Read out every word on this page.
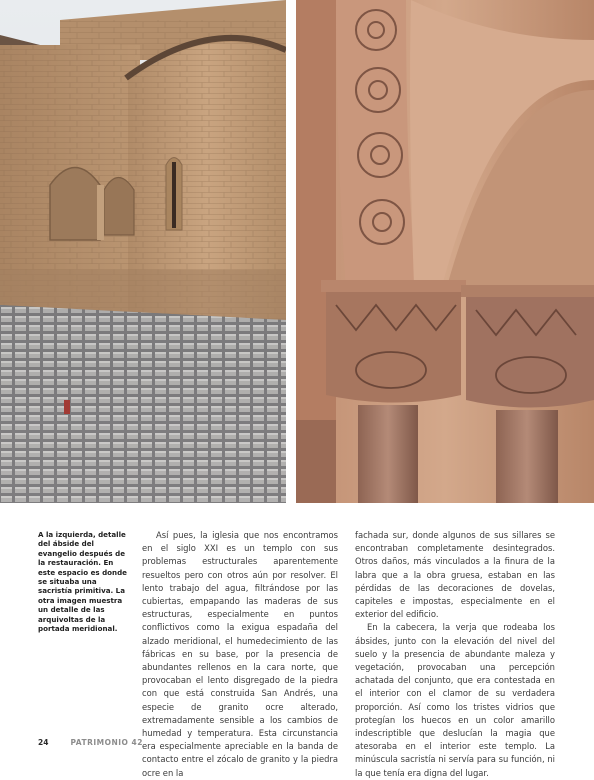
A la izquierda, detalle del ábside del evangelio después de la restauración. En este espacio es donde se situaba una sacristía primitiva. La otra imagen muestra un detalle de las arquivoltas de la portada meridional.

Así pues, la iglesia que nos encontramos en el siglo XXI es un templo con sus problemas estructurales aparentemente resueltos pero con otros aún por resolver. El lento trabajo del agua, filtrándose por las cubiertas, empapando las maderas de sus estructuras, especialmente en puntos conflictivos como la exigua espadaña del alzado meridional, el humedecimiento de las fábricas en su base, por la presencia de abundantes rellenos en la cara norte, que provocaban el lento disgregado de la piedra con que está construida San Andrés, una especie de granito ocre alterado, extremadamente sensible a los cambios de humedad y temperatura. Esta circunstancia era especialmente apreciable en la banda de contacto entre el zócalo de granito y la piedra ocre en la

fachada sur, donde algunos de sus sillares se encontraban completamente desintegrados. Otros daños, más vinculados a la finura de la labra que a la obra gruesa, estaban en las pérdidas de las decoraciones de dovelas, capiteles e impostas, especialmente en el exterior del edificio.

En la cabecera, la verja que rodeaba los ábsides, junto con la elevación del nivel del suelo y la presencia de abundante maleza y vegetación, provocaban una percepción achatada del conjunto, que era contestada en el interior con el clamor de su verdadera proporción. Así como los tristes vidrios que protegían los huecos en un color amarillo indescriptible que deslucían la magia que atesoraba en el interior este templo. La minúscula sacristía ni servía para su función, ni la que tenía era digna del lugar.

24	PATRIMONIO 42
